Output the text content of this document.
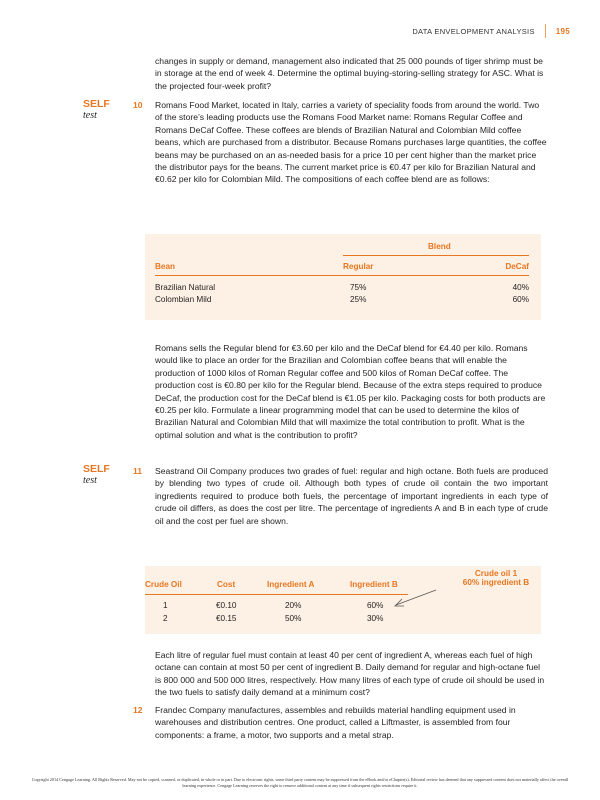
DATA ENVELOPMENT ANALYSIS	195
changes in supply or demand, management also indicated that 25 000 pounds of tiger shrimp must be in storage at the end of week 4. Determine the optimal buying-storing-selling strategy for ASC. What is the projected four-week profit?
SELF
test
10 Romans Food Market, located in Italy, carries a variety of speciality foods from around the world. Two of the store’s leading products use the Romans Food Market name: Romans Regular Coffee and Romans DeCaf Coffee. These coffees are blends of Brazilian Natural and Colombian Mild coffee beans, which are purchased from a distributor. Because Romans purchases large quantities, the coffee beans may be purchased on an as-needed basis for a price 10 per cent higher than the market price the distributor pays for the beans. The current market price is €0.47 per kilo for Brazilian Natural and €0.62 per kilo for Colombian Mild. The compositions of each coffee blend are as follows:
Blend
Bean	Regular	DeCaf
Brazilian Natural	75%	40%
Colombian Mild	25%	60%
Romans sells the Regular blend for €3.60 per kilo and the DeCaf blend for €4.40 per kilo. Romans would like to place an order for the Brazilian and Colombian coffee beans that will enable the production of 1000 kilos of Roman Regular coffee and 500 kilos of Roman DeCaf coffee. The production cost is €0.80 per kilo for the Regular blend. Because of the extra steps required to produce DeCaf, the production cost for the DeCaf blend is €1.05 per kilo. Packaging costs for both products are €0.25 per kilo. Formulate a linear programming model that can be used to determine the kilos of Brazilian Natural and Colombian Mild that will maximize the total contribution to profit. What is the optimal solution and what is the contribution to profit?
SELF
test
11 Seastrand Oil Company produces two grades of fuel: regular and high octane. Both fuels are produced by blending two types of crude oil. Although both types of crude oil contain the two important ingredients required to produce both fuels, the percentage of important ingredients in each type of crude oil differs, as does the cost per litre. The percentage of ingredients A and B in each type of crude oil and the cost per fuel are shown.
Crude Oil	Cost	Ingredient A	Ingredient B
1	€0.10	20%	60%
2	€0.15	50%	30%
Crude oil 1
60% ingredient B
Each litre of regular fuel must contain at least 40 per cent of ingredient A, whereas each fuel of high octane can contain at most 50 per cent of ingredient B. Daily demand for regular and high-octane fuel is 800 000 and 500 000 litres, respectively. How many litres of each type of crude oil should be used in the two fuels to satisfy daily demand at a minimum cost?
12 Frandec Company manufactures, assembles and rebuilds material handling equipment used in warehouses and distribution centres. One product, called a Liftmaster, is assembled from four components: a frame, a motor, two supports and a metal strap.
Copyright 2014 Cengage Learning. All Rights Reserved. May not be copied, scanned, or duplicated, in whole or in part. Due to electronic rights, some third party content may be suppressed from the eBook and/or eChapter(s). Editorial review has deemed that any suppressed content does not materially affect the overall learning experience. Cengage Learning reserves the right to remove additional content at any time if subsequent rights restrictions require it.
